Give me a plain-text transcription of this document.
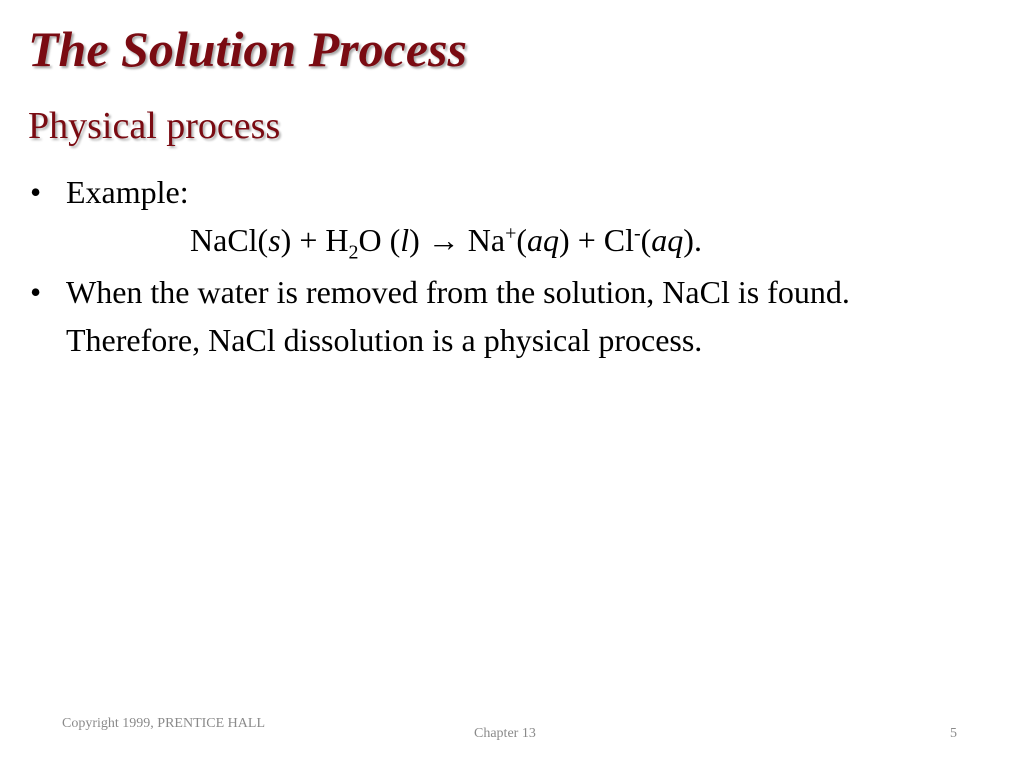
The Solution Process
Physical process
• Example:
NaCl(s) + $H_2O$ (l) → Na+(aq) + Cl-(aq).
• When the water is removed from the solution, NaCl is found. Therefore, NaCl dissolution is a physical process.
Copyright 1999, PRENTICE HALL
Chapter 13	5
